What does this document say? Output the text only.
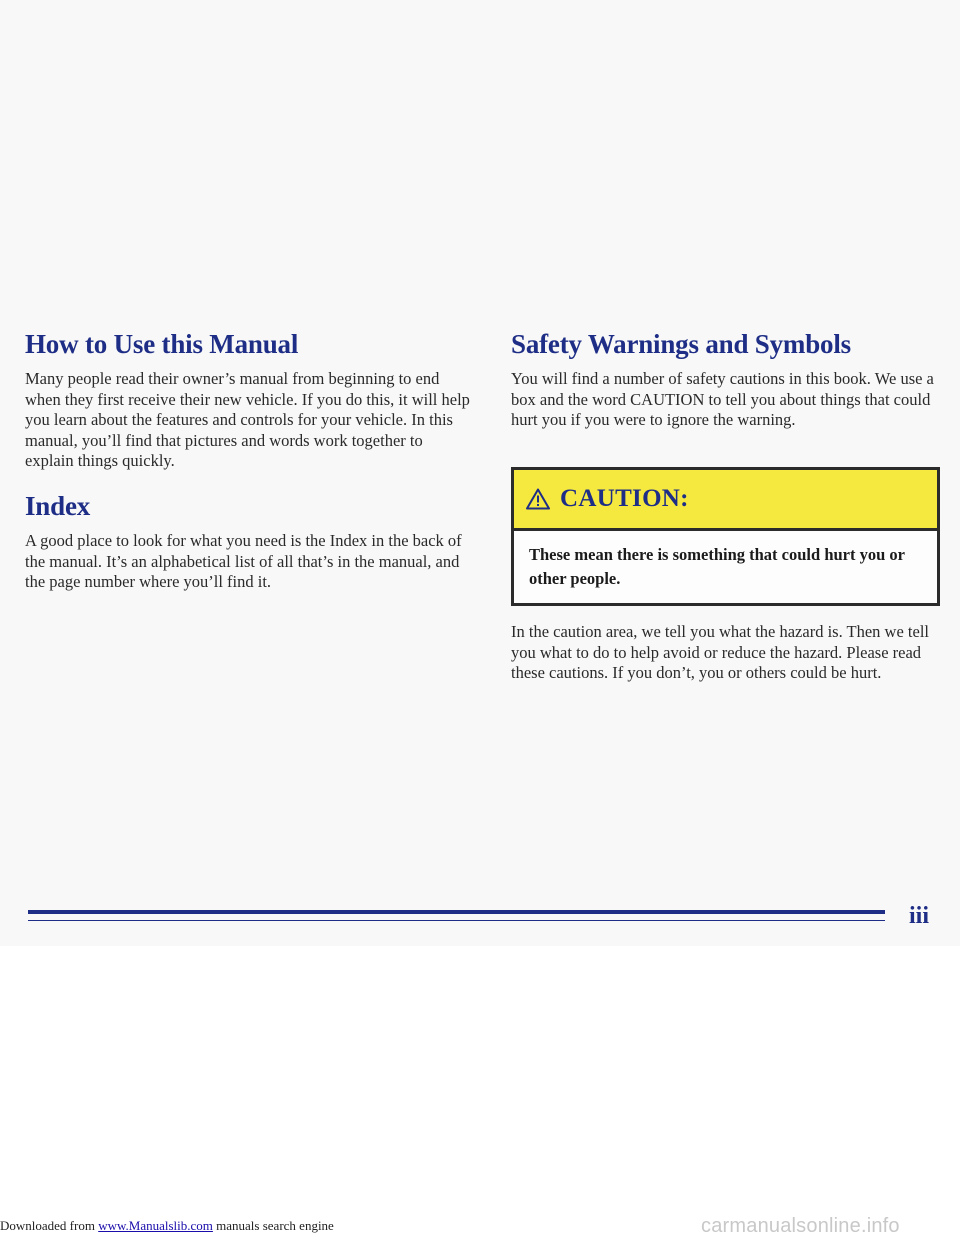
How to Use this Manual

Many people read their owner’s manual from beginning to end when they first receive their new vehicle. If you do this, it will help you learn about the features and controls for your vehicle. In this manual, you’ll find that pictures and words work together to explain things quickly.

Index

A good place to look for what you need is the Index in the back of the manual. It’s an alphabetical list of all that’s in the manual, and the page number where you’ll find it.

Safety Warnings and Symbols

You will find a number of safety cautions in this book. We use a box and the word CAUTION to tell you about things that could hurt you if you were to ignore the warning.

CAUTION:
These mean there is something that could hurt you or other people.

In the caution area, we tell you what the hazard is. Then we tell you what to do to help avoid or reduce the hazard. Please read these cautions. If you don’t, you or others could be hurt.

iii
Downloaded from www.Manualslib.com manuals search engine	carmanualsonline.info
